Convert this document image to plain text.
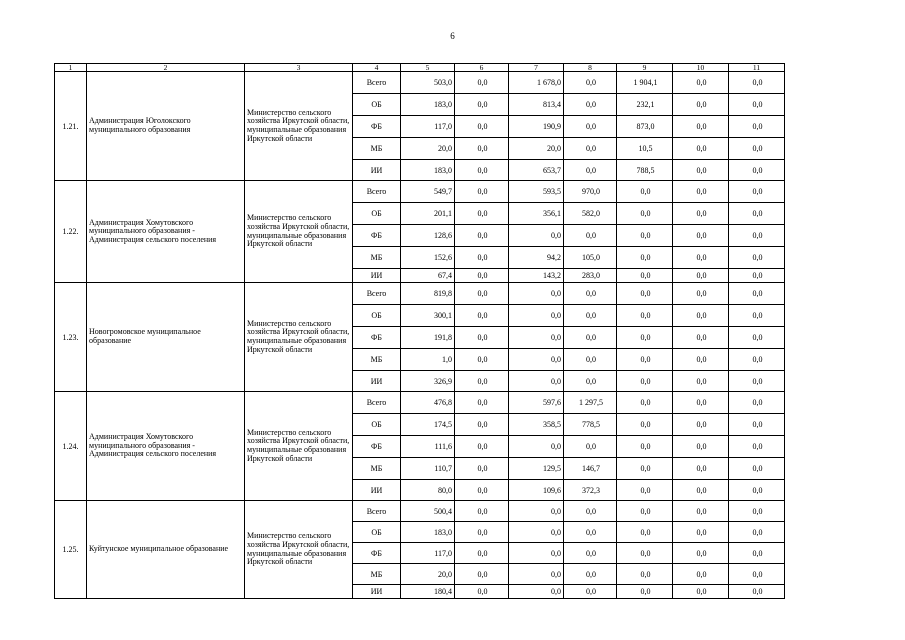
6
1	2	3	4	5	6	7	8	9	10	11
1.21.	Администрация Юголокского муниципального образования	Министерство сельского хозяйства Иркутской области, муниципальные образования Иркутской области	Всего	503,0	0,0	1 678,0	0,0	1 904,1	0,0	0,0
			ОБ	183,0	0,0	813,4	0,0	232,1	0,0	0,0
			ФБ	117,0	0,0	190,9	0,0	873,0	0,0	0,0
			МБ	20,0	0,0	20,0	0,0	10,5	0,0	0,0
			ИИ	183,0	0,0	653,7	0,0	788,5	0,0	0,0
1.22.	Администрация Хомутовского муниципального образования - Администрация сельского поселения	Министерство сельского хозяйства Иркутской области, муниципальные образования Иркутской области	Всего	549,7	0,0	593,5	970,0	0,0	0,0	0,0
			ОБ	201,1	0,0	356,1	582,0	0,0	0,0	0,0
			ФБ	128,6	0,0	0,0	0,0	0,0	0,0	0,0
			МБ	152,6	0,0	94,2	105,0	0,0	0,0	0,0
			ИИ	67,4	0,0	143,2	283,0	0,0	0,0	0,0
1.23.	Новогромовское муниципальное образование	Министерство сельского хозяйства Иркутской области, муниципальные образования Иркутской области	Всего	819,8	0,0	0,0	0,0	0,0	0,0	0,0
			ОБ	300,1	0,0	0,0	0,0	0,0	0,0	0,0
			ФБ	191,8	0,0	0,0	0,0	0,0	0,0	0,0
			МБ	1,0	0,0	0,0	0,0	0,0	0,0	0,0
			ИИ	326,9	0,0	0,0	0,0	0,0	0,0	0,0
1.24.	Администрация Хомутовского муниципального образования - Администрация сельского поселения	Министерство сельского хозяйства Иркутской области, муниципальные образования Иркутской области	Всего	476,8	0,0	597,6	1 297,5	0,0	0,0	0,0
			ОБ	174,5	0,0	358,5	778,5	0,0	0,0	0,0
			ФБ	111,6	0,0	0,0	0,0	0,0	0,0	0,0
			МБ	110,7	0,0	129,5	146,7	0,0	0,0	0,0
			ИИ	80,0	0,0	109,6	372,3	0,0	0,0	0,0
1.25.	Куйтунское муниципальное образование	Министерство сельского хозяйства Иркутской области, муниципальные образования Иркутской области	Всего	500,4	0,0	0,0	0,0	0,0	0,0	0,0
			ОБ	183,0	0,0	0,0	0,0	0,0	0,0	0,0
			ФБ	117,0	0,0	0,0	0,0	0,0	0,0	0,0
			МБ	20,0	0,0	0,0	0,0	0,0	0,0	0,0
			ИИ	180,4	0,0	0,0	0,0	0,0	0,0	0,0
